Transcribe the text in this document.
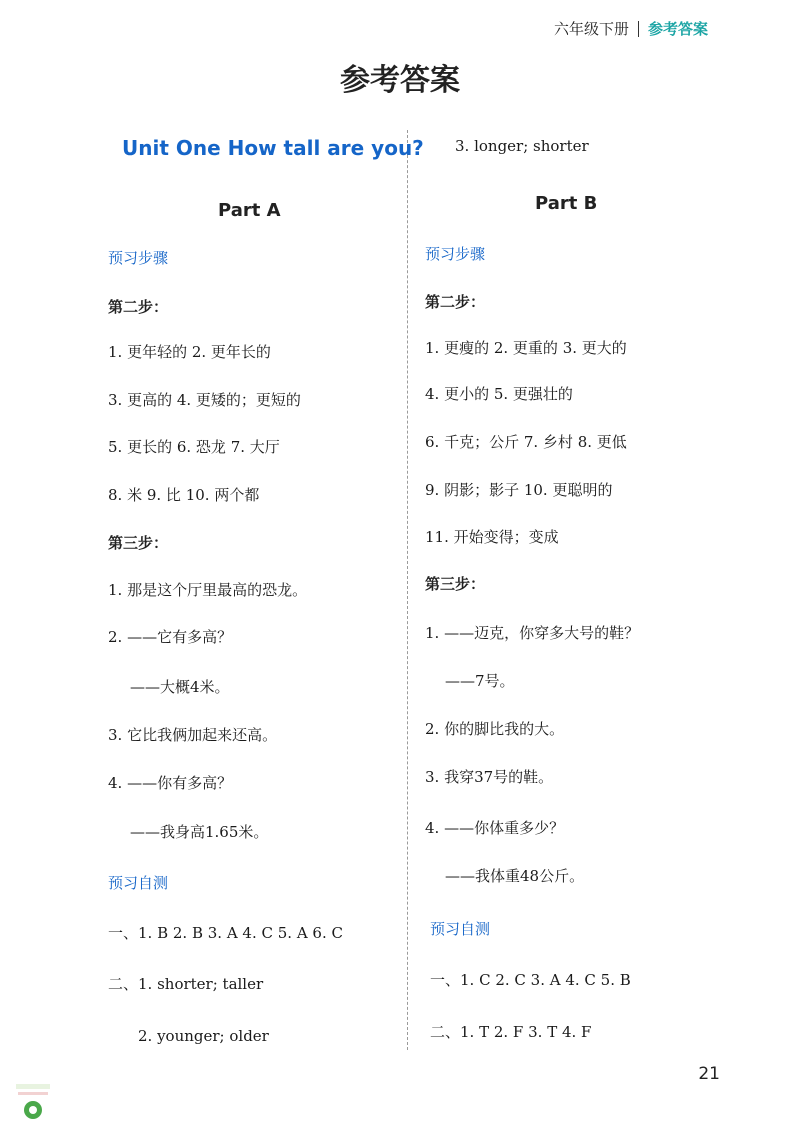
六年级下册 参考答案
参考答案
Unit One How tall are you?
Part A
预习步骤
第二步：
1. 更年轻的 2. 更年长的
3. 更高的 4. 更矮的；更短的
5. 更长的 6. 恐龙 7. 大厅
8. 米 9. 比 10. 两个都
第三步：
1. 那是这个厅里最高的恐龙。
2. ——它有多高？
——大概4米。
3. 它比我俩加起来还高。
4. ——你有多高？
——我身高1.65米。
预习自测
一、1. B 2. B 3. A 4. C 5. A 6. C
二、1. shorter; taller
2. younger; older
3. longer; shorter
Part B
预习步骤
第二步：
1. 更瘦的 2. 更重的 3. 更大的
4. 更小的 5. 更强壮的
6. 千克；公斤 7. 乡村 8. 更低
9. 阴影；影子 10. 更聪明的
11. 开始变得；变成
第三步：
1. ——迈克，你穿多大号的鞋？
——7号。
2. 你的脚比我的大。
3. 我穿37号的鞋。
4. ——你体重多少？
——我体重48公斤。
预习自测
一、1. C 2. C 3. A 4. C 5. B
二、1. T 2. F 3. T 4. F
21
